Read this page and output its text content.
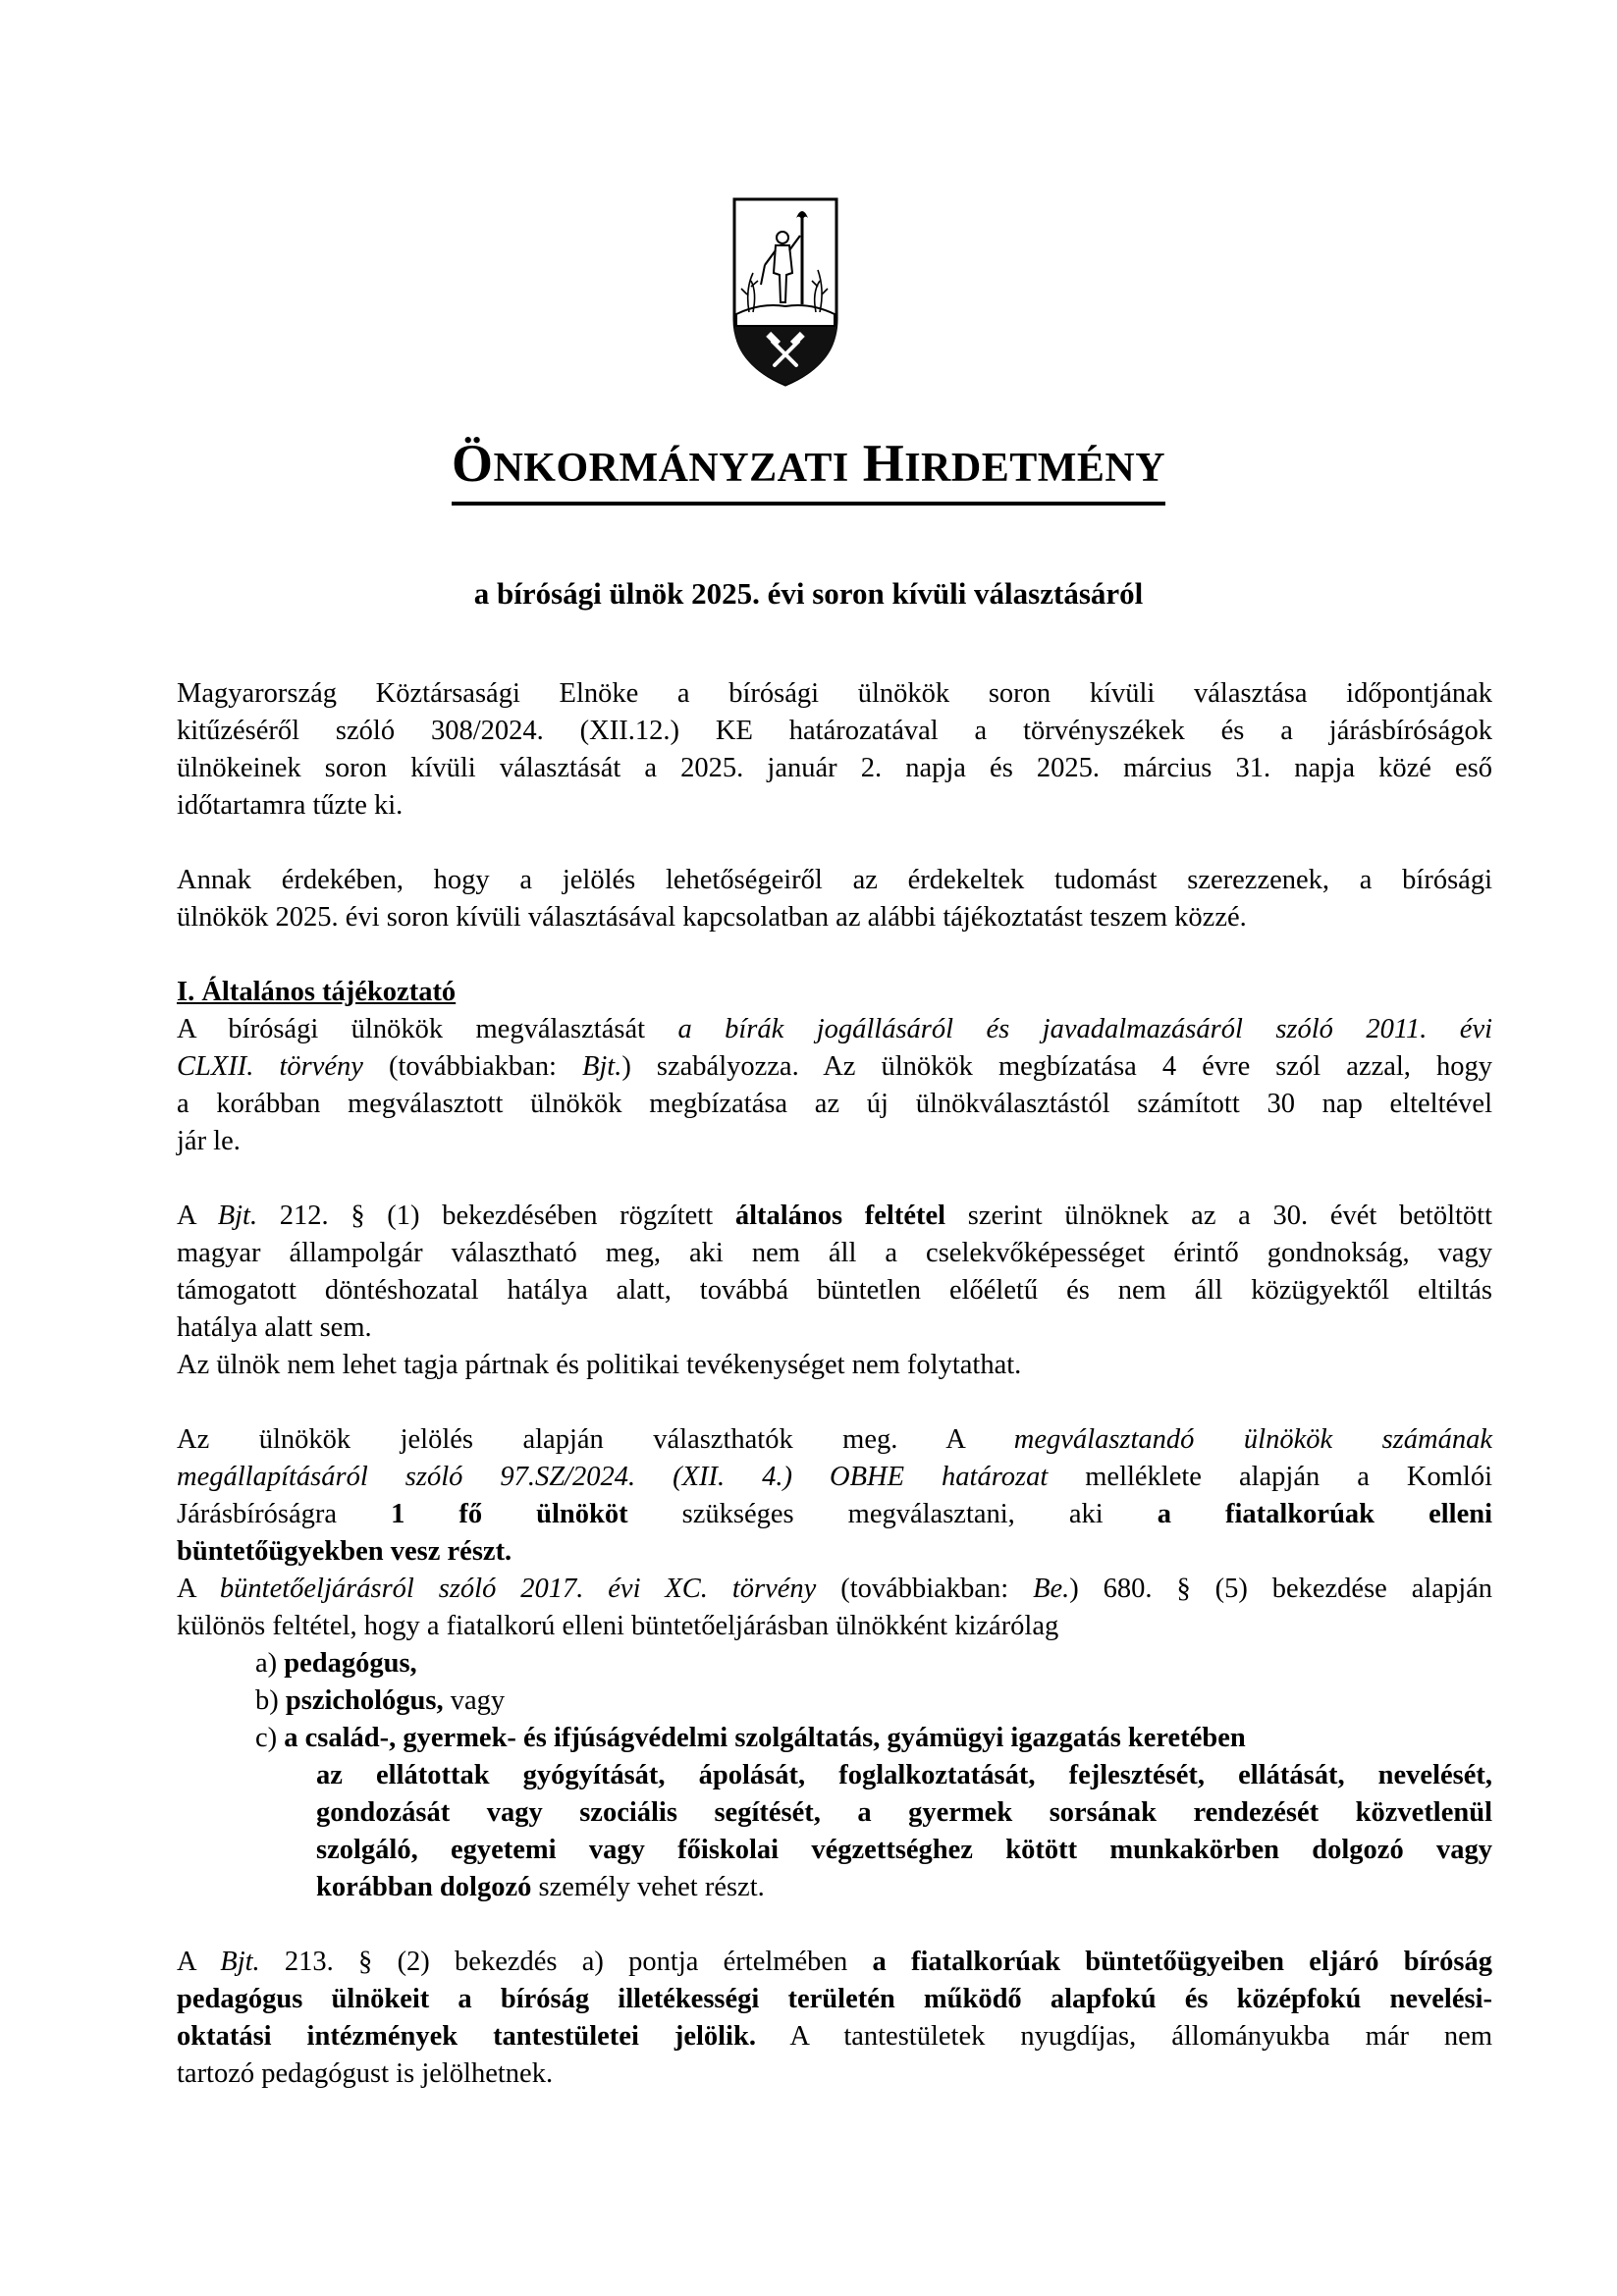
ÖNKORMÁNYZATI HIRDETMÉNY
a bírósági ülnök 2025. évi soron kívüli választásáról

Magyarország Köztársasági Elnöke a bírósági ülnökök soron kívüli választása időpontjának
kitűzéséről szóló 308/2024. (XII.12.) KE határozatával a törvényszékek és a járásbíróságok
ülnökeinek soron kívüli választását a 2025. január 2. napja és 2025. március 31. napja közé eső
időtartamra tűzte ki.

Annak érdekében, hogy a jelölés lehetőségeiről az érdekeltek tudomást szerezzenek, a bírósági
ülnökök 2025. évi soron kívüli választásával kapcsolatban az alábbi tájékoztatást teszem közzé.

I. Általános tájékoztató

A bírósági ülnökök megválasztását a bírák jogállásáról és javadalmazásáról szóló 2011. évi
CLXII. törvény (továbbiakban: Bjt.) szabályozza. Az ülnökök megbízatása 4 évre szól azzal, hogy
a korábban megválasztott ülnökök megbízatása az új ülnökválasztástól számított 30 nap elteltével
jár le.

A Bjt. 212. § (1) bekezdésében rögzített általános feltétel szerint ülnöknek az a 30. évét betöltött
magyar állampolgár választható meg, aki nem áll a cselekvőképességet érintő gondnokság, vagy
támogatott döntéshozatal hatálya alatt, továbbá büntetlen előéletű és nem áll közügyektől eltiltás
hatálya alatt sem.
Az ülnök nem lehet tagja pártnak és politikai tevékenységet nem folytathat.

Az ülnökök jelölés alapján választhatók meg. A megválasztandó ülnökök számának
megállapításáról szóló 97.SZ/2024. (XII. 4.) OBHE határozat melléklete alapján a Komlói
Járásbíróságra 1 fő ülnököt szükséges megválasztani, aki a fiatalkorúak elleni
büntetőügyekben vesz részt.
A büntetőeljárásról szóló 2017. évi XC. törvény (továbbiakban: Be.) 680. § (5) bekezdése alapján
különös feltétel, hogy a fiatalkorú elleni büntetőeljárásban ülnökként kizárólag

a) pedagógus,
b) pszichológus, vagy
c) a család-, gyermek- és ifjúságvédelmi szolgáltatás, gyámügyi igazgatás keretében
az ellátottak gyógyítását, ápolását, foglalkoztatását, fejlesztését, ellátását, nevelését,
gondozását vagy szociális segítését, a gyermek sorsának rendezését közvetlenül
szolgáló, egyetemi vagy főiskolai végzettséghez kötött munkakörben dolgozó vagy
korábban dolgozó személy vehet részt.

A Bjt. 213. § (2) bekezdés a) pontja értelmében a fiatalkorúak büntetőügyeiben eljáró bíróság
pedagógus ülnökeit a bíróság illetékességi területén működő alapfokú és középfokú nevelési-
oktatási intézmények tantestületei jelölik. A tantestületek nyugdíjas, állományukba már nem
tartozó pedagógust is jelölhetnek.
